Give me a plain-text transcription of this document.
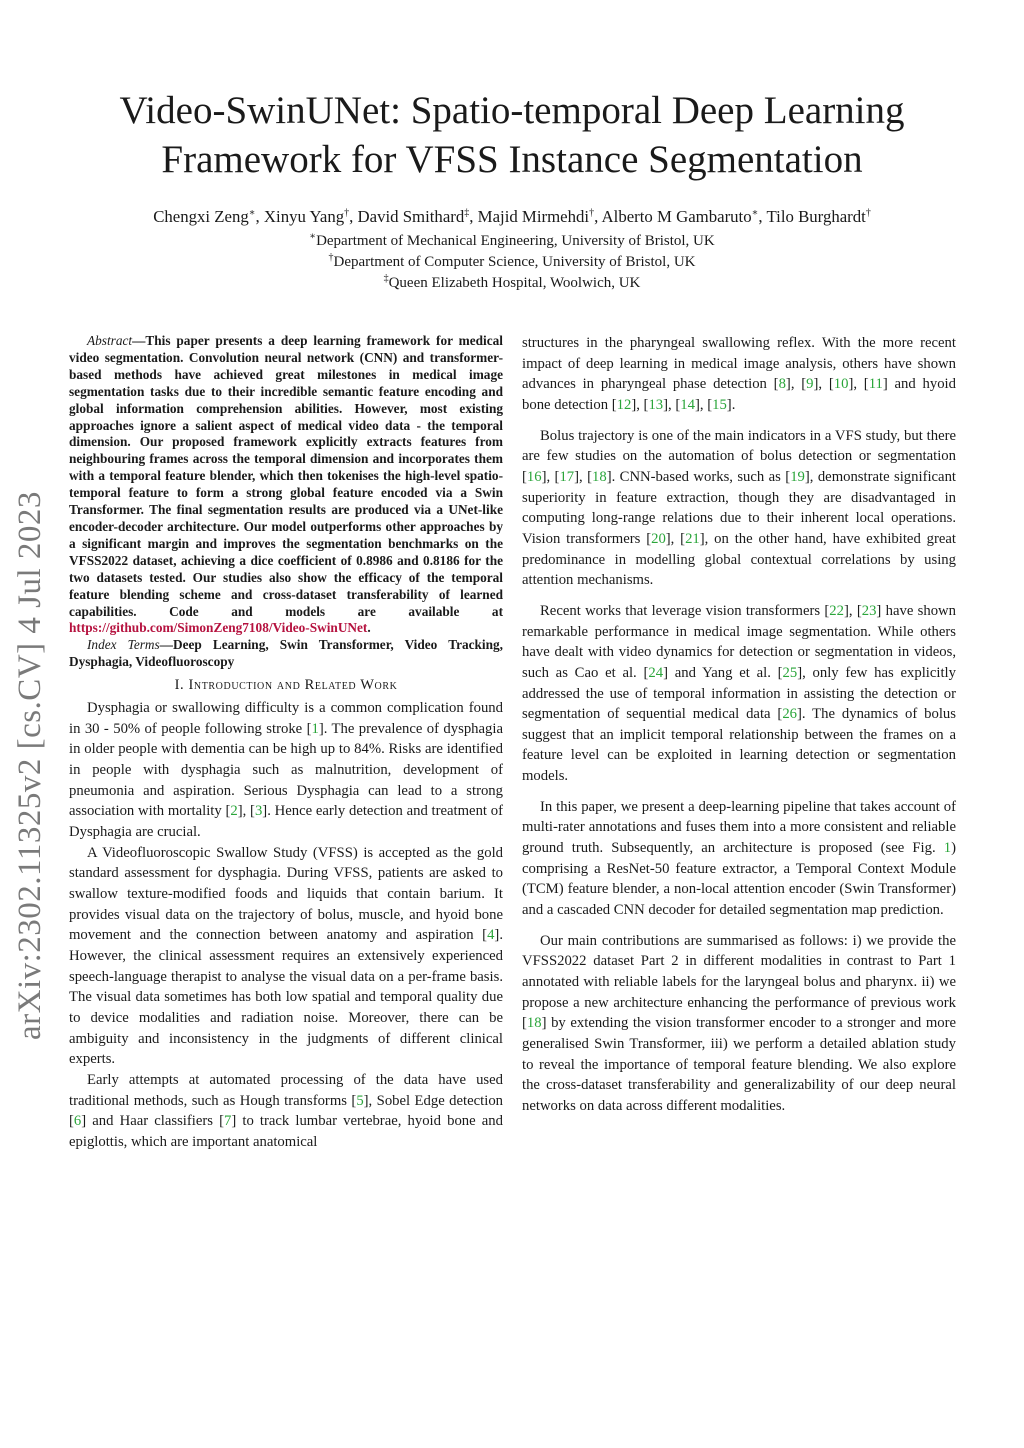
arXiv:2302.11325v2 [cs.CV] 4 Jul 2023
Video-SwinUNet: Spatio-temporal Deep Learning
Framework for VFSS Instance Segmentation
Chengxi Zeng∗, Xinyu Yang†, David Smithard‡, Majid Mirmehdi†, Alberto M Gambaruto∗, Tilo Burghardt†
∗Department of Mechanical Engineering, University of Bristol, UK
†Department of Computer Science, University of Bristol, UK
‡Queen Elizabeth Hospital, Woolwich, UK

Abstract—This paper presents a deep learning framework for medical video segmentation. Convolution neural network (CNN) and transformer-based methods have achieved great milestones in medical image segmentation tasks due to their incredible semantic feature encoding and global information comprehension abilities. However, most existing approaches ignore a salient aspect of medical video data - the temporal dimension. Our proposed framework explicitly extracts features from neighbouring frames across the temporal dimension and incorporates them with a temporal feature blender, which then tokenises the high-level spatio-temporal feature to form a strong global feature encoded via a Swin Transformer. The final segmentation results are produced via a UNet-like encoder-decoder architecture. Our model outperforms other approaches by a significant margin and improves the segmentation benchmarks on the VFSS2022 dataset, achieving a dice coefficient of 0.8986 and 0.8186 for the two datasets tested. Our studies also show the efficacy of the temporal feature blending scheme and cross-dataset transferability of learned capabilities. Code and models are available at https://github.com/SimonZeng7108/Video-SwinUNet.

Index Terms—Deep Learning, Swin Transformer, Video Tracking, Dysphagia, Videofluoroscopy

I. Introduction and Related Work

Dysphagia or swallowing difficulty is a common complication found in 30 - 50% of people following stroke [1]. The prevalence of dysphagia in older people with dementia can be high up to 84%. Risks are identified in people with dysphagia such as malnutrition, development of pneumonia and aspiration. Serious Dysphagia can lead to a strong association with mortality [2], [3]. Hence early detection and treatment of Dysphagia are crucial.

A Videofluoroscopic Swallow Study (VFSS) is accepted as the gold standard assessment for dysphagia. During VFSS, patients are asked to swallow texture-modified foods and liquids that contain barium. It provides visual data on the trajectory of bolus, muscle, and hyoid bone movement and the connection between anatomy and aspiration [4]. However, the clinical assessment requires an extensively experienced speech-language therapist to analyse the visual data on a per-frame basis. The visual data sometimes has both low spatial and temporal quality due to device modalities and radiation noise. Moreover, there can be ambiguity and inconsistency in the judgments of different clinical experts.

Early attempts at automated processing of the data have used traditional methods, such as Hough transforms [5], Sobel Edge detection [6] and Haar classifiers [7] to track lumbar vertebrae, hyoid bone and epiglottis, which are important anatomical

structures in the pharyngeal swallowing reflex. With the more recent impact of deep learning in medical image analysis, others have shown advances in pharyngeal phase detection [8], [9], [10], [11] and hyoid bone detection [12], [13], [14], [15].

Bolus trajectory is one of the main indicators in a VFS study, but there are few studies on the automation of bolus detection or segmentation [16], [17], [18]. CNN-based works, such as [19], demonstrate significant superiority in feature extraction, though they are disadvantaged in computing long-range relations due to their inherent local operations. Vision transformers [20], [21], on the other hand, have exhibited great predominance in modelling global contextual correlations by using attention mechanisms.

Recent works that leverage vision transformers [22], [23] have shown remarkable performance in medical image segmentation. While others have dealt with video dynamics for detection or segmentation in videos, such as Cao et al. [24] and Yang et al. [25], only few has explicitly addressed the use of temporal information in assisting the detection or segmentation of sequential medical data [26]. The dynamics of bolus suggest that an implicit temporal relationship between the frames on a feature level can be exploited in learning detection or segmentation models.

In this paper, we present a deep-learning pipeline that takes account of multi-rater annotations and fuses them into a more consistent and reliable ground truth. Subsequently, an architecture is proposed (see Fig. 1) comprising a ResNet-50 feature extractor, a Temporal Context Module (TCM) feature blender, a non-local attention encoder (Swin Transformer) and a cascaded CNN decoder for detailed segmentation map prediction.

Our main contributions are summarised as follows: i) we provide the VFSS2022 dataset Part 2 in different modalities in contrast to Part 1 annotated with reliable labels for the laryngeal bolus and pharynx. ii) we propose a new architecture enhancing the performance of previous work [18] by extending the vision transformer encoder to a stronger and more generalised Swin Transformer, iii) we perform a detailed ablation study to reveal the importance of temporal feature blending. We also explore the cross-dataset transferability and generalizability of our deep neural networks on data across different modalities.
